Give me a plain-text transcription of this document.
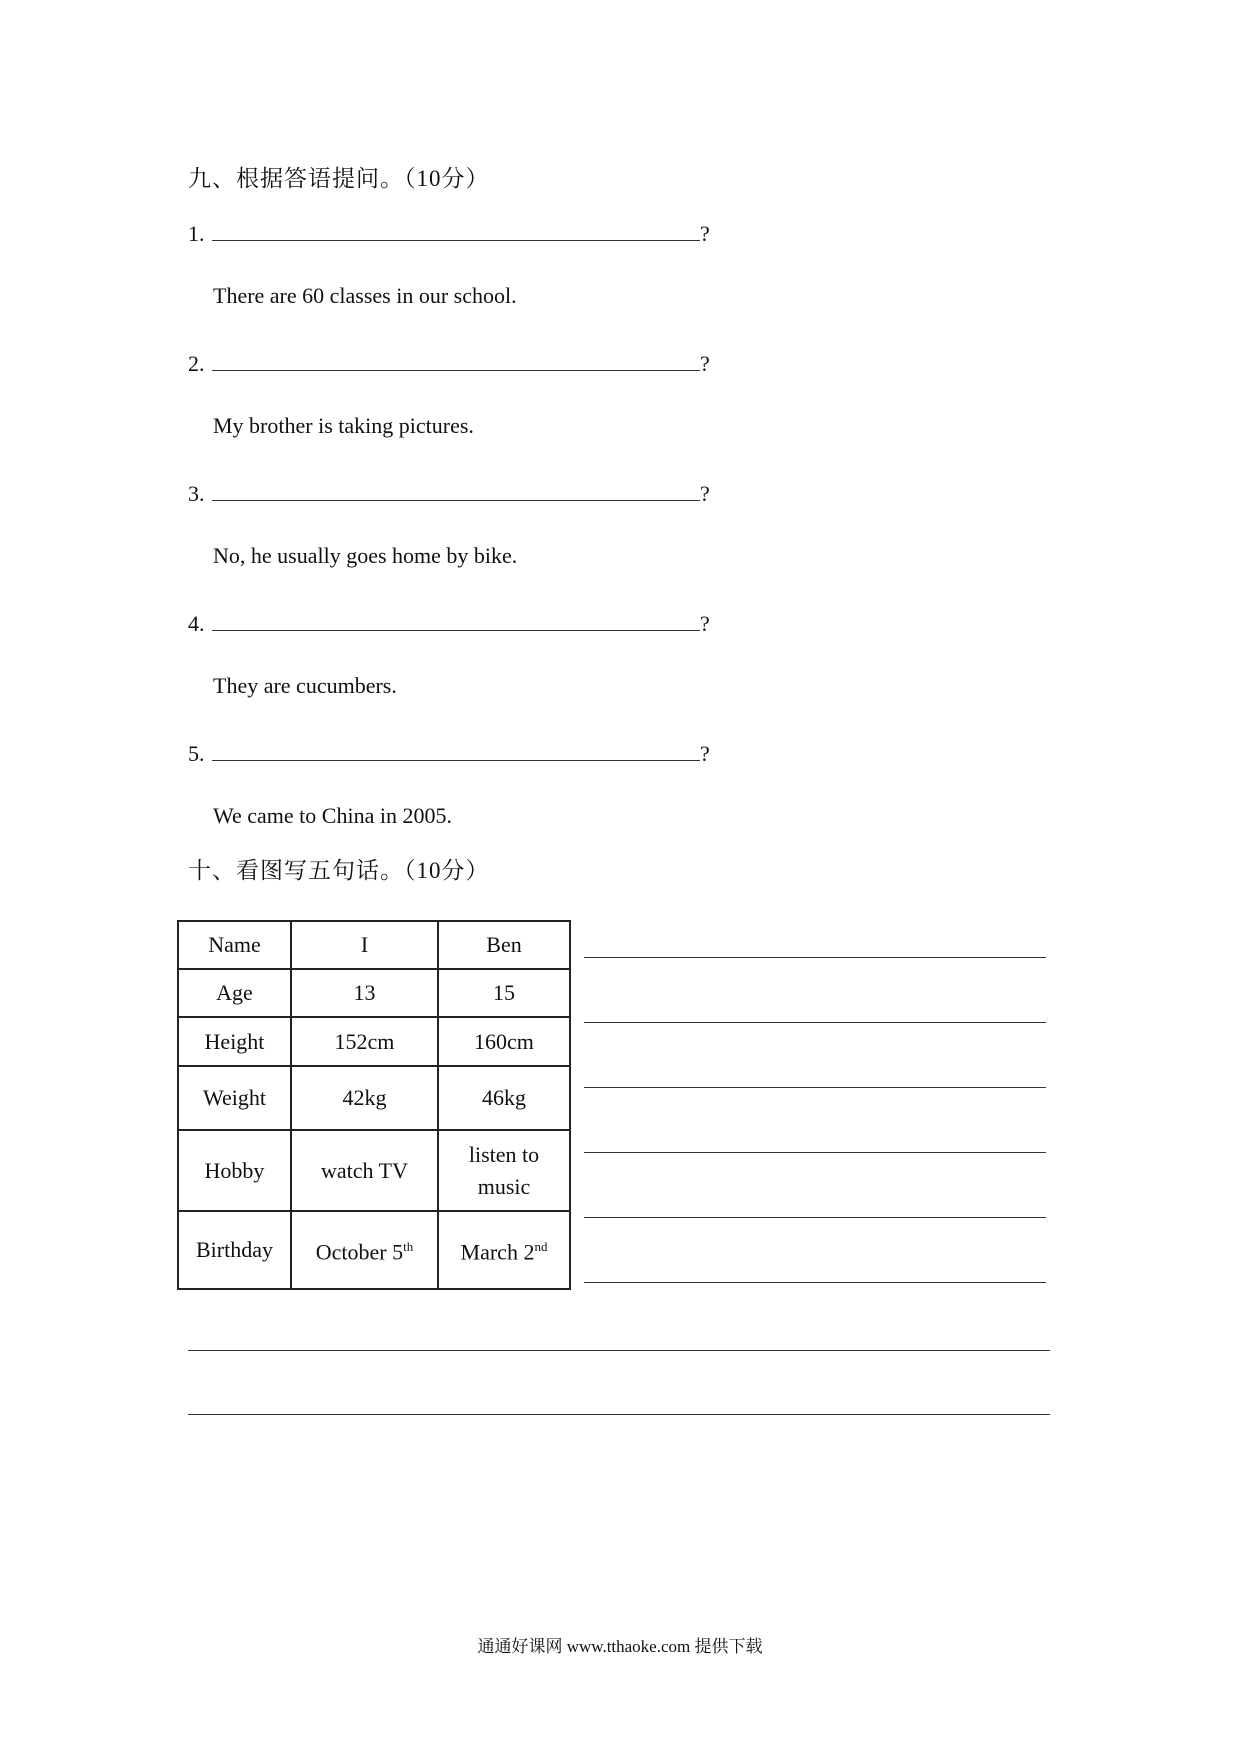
九、根据答语提问。（10分）
1.	?
There are 60 classes in our school.
2.	?
My brother is taking pictures.
3.	?
No, he usually goes home by bike.
4.	?
They are cucumbers.
5.	?
We came to China in 2005.
十、看图写五句话。（10分）
Name	I	Ben
Age	13	15
Height	152cm	160cm
Weight	42kg	46kg
Hobby	watch TV	listen to
music

Birthday	October 5th	March 2nd
通通好课网 www.tthaoke.com 提供下载
